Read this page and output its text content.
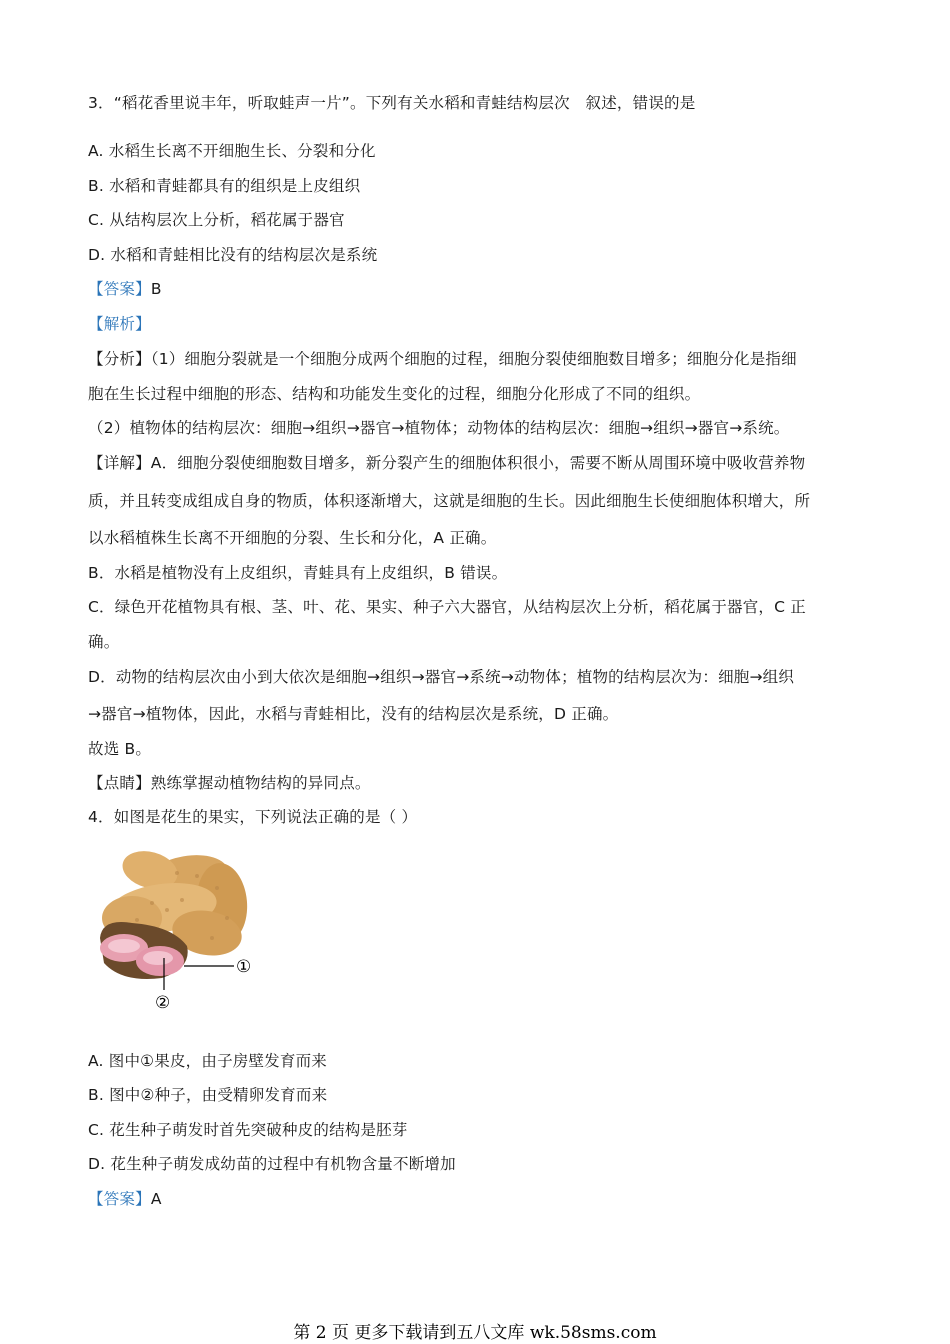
3．“稻花香里说丰年，听取蛙声一片”。下列有关水稻和青蛙结构层次　叙述，错误的是
A. 水稻生长离不开细胞生长、分裂和分化
B. 水稻和青蛙都具有的组织是上皮组织
C. 从结构层次上分析，稻花属于器官
D. 水稻和青蛙相比没有的结构层次是系统
【答案】B
【解析】
【分析】（1）细胞分裂就是一个细胞分成两个细胞的过程，细胞分裂使细胞数目增多；细胞分化是指细
胞在生长过程中细胞的形态、结构和功能发生变化的过程，细胞分化形成了不同的组织。
（2）植物体的结构层次：细胞→组织→器官→植物体；动物体的结构层次：细胞→组织→器官→系统。
【详解】A．细胞分裂使细胞数目增多，新分裂产生的细胞体积很小，需要不断从周围环境中吸收营养物
质，并且转变成组成自身的物质，体积逐渐增大，这就是细胞的生长。因此细胞生长使细胞体积增大，所
以水稻植株生长离不开细胞的分裂、生长和分化，A 正确。
B．水稻是植物没有上皮组织，青蛙具有上皮组织，B 错误。
C．绿色开花植物具有根、茎、叶、花、果实、种子六大器官，从结构层次上分析，稻花属于器官，C 正
确。
D．动物的结构层次由小到大依次是细胞→组织→器官→系统→动物体；植物的结构层次为：细胞→组织
→器官→植物体，因此，水稻与青蛙相比，没有的结构层次是系统，D 正确。
故选 B。
【点睛】熟练掌握动植物结构的异同点。
4．如图是花生的果实，下列说法正确的是（ ）
①
②
A. 图中①果皮，由子房壁发育而来
B. 图中②种子，由受精卵发育而来
C. 花生种子萌发时首先突破种皮的结构是胚芽
D. 花生种子萌发成幼苗的过程中有机物含量不断增加
【答案】A
第 2 页 更多下载请到五八文库 wk.58sms.com
